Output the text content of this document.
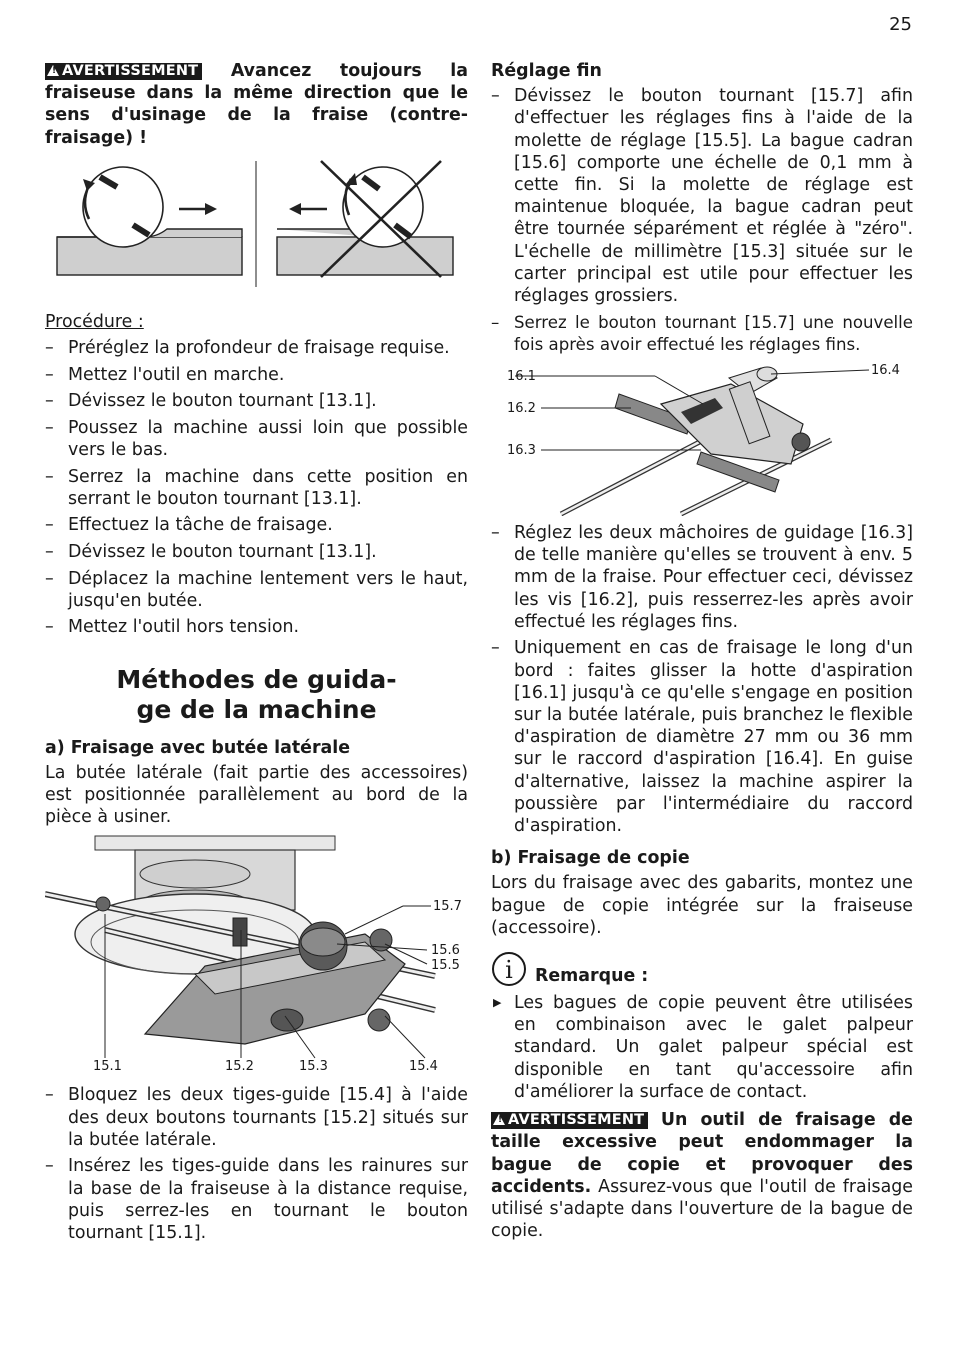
25

! AVERTISSEMENT Avancez toujours la fraiseuse dans la même direction que le sens d'usinage de la fraise (contre-fraisage) !

Procédure :

– Préréglez la profondeur de fraisage requise.
– Mettez l'outil en marche.
– Dévissez le bouton tournant [13.1].
– Poussez la machine aussi loin que possible vers le bas.
– Serrez la machine dans cette position en serrant le bouton tournant [13.1].
– Effectuez la tâche de fraisage.
– Dévissez le bouton tournant [13.1].
– Déplacez la machine lentement vers le haut, jusqu'en butée.
– Mettez l'outil hors tension.
Méthodes de guida-
ge de la machine
a) Fraisage avec butée latérale

La butée latérale (fait partie des accessoires) est positionnée parallèlement au bord de la pièce à usiner.

15.7
15.6
15.5
15.1	15.2	15.3	15.4
– Bloquez les deux tiges-guide [15.4] à l'aide des deux boutons tournants [15.2] situés sur la butée latérale.
– Insérez les tiges-guide dans les rainures sur la base de la fraiseuse à la distance requise, puis serrez-les en tournant le bouton tournant [15.1].
Réglage fin
– Dévissez le bouton tournant [15.7] afin d'effectuer les réglages fins à l'aide de la molette de réglage [15.5]. La bague cadran [15.6] comporte une échelle de 0,1 mm à cette fin. Si la molette de réglage est maintenue bloquée, la bague cadran peut être tournée séparément et réglée à "zéro". L'échelle de millimètre [15.3] située sur le carter principal est utile pour effectuer les réglages grossiers.
– Serrez le bouton tournant [15.7] une nouvelle fois après avoir effectué les réglages fins.
16.1
16.2
16.3
16.4
– Réglez les deux mâchoires de guidage [16.3] de telle manière qu'elles se trouvent à env. 5 mm de la fraise. Pour effectuer ceci, dévissez les vis [16.2], puis resserrez-les après avoir effectué les réglages fins.
– Uniquement en cas de fraisage le long d'un bord : faites glisser la hotte d'aspiration [16.1] jusqu'à ce qu'elle s'engage en position sur la butée latérale, puis branchez le flexible d'aspiration de diamètre 27 mm ou 36 mm sur le raccord d'aspiration [16.4]. En guise d'alternative, laissez la machine aspirer la poussière par l'intermédiaire du raccord d'aspiration.
b) Fraisage de copie

Lors du fraisage avec des gabarits, montez une bague de copie intégrée sur la fraiseuse (accessoire).

i Remarque :
▶ Les bagues de copie peuvent être utilisées en combinaison avec le galet palpeur standard. Un galet palpeur spécial est disponible en tant qu'accessoire afin d'améliorer la surface de contact.

! AVERTISSEMENT Un outil de fraisage de taille excessive peut endommager la bague de copie et provoquer des accidents. Assurez-vous que l'outil de fraisage utilisé s'adapte dans l'ouverture de la bague de copie.
